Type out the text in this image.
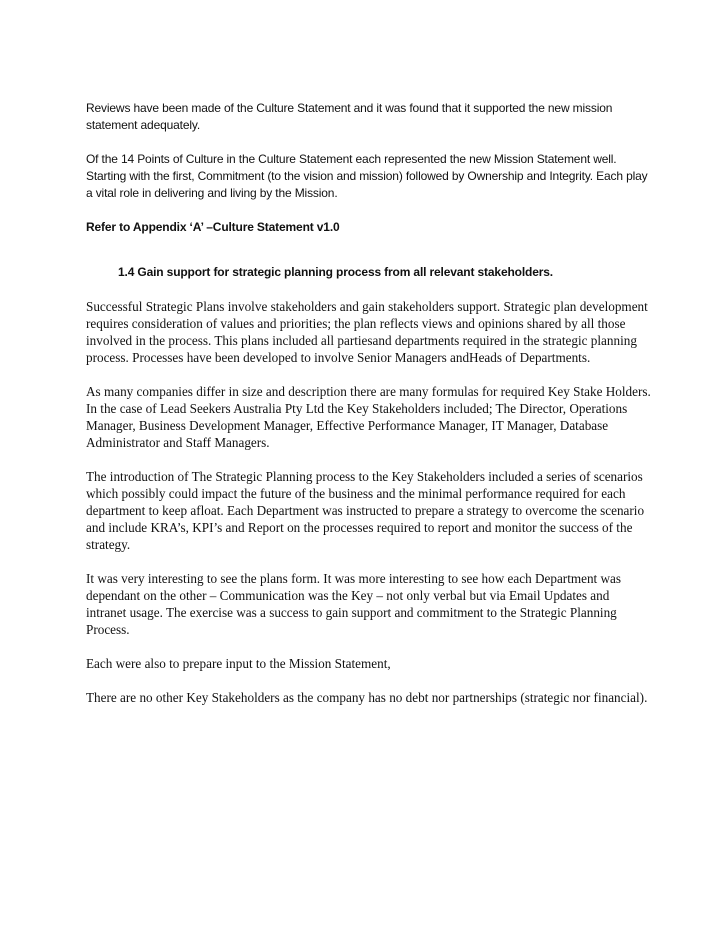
Reviews have been made of the Culture Statement and it was found that it supported the new mission statement adequately.

Of the 14 Points of Culture in the Culture Statement each represented the new Mission Statement well. Starting with the first, Commitment (to the vision and mission) followed by Ownership and Integrity. Each play a vital role in delivering and living by the Mission.

Refer to Appendix ‘A’ –Culture Statement v1.0

1.4 Gain support for strategic planning process from all relevant stakeholders.

Successful Strategic Plans involve stakeholders and gain stakeholders support. Strategic plan development requires consideration of values and priorities; the plan reflects views and opinions shared by all those involved in the process. This plans included all partiesand departments required in the strategic planning process. Processes have been developed to involve Senior Managers andHeads of Departments.

As many companies differ in size and description there are many formulas for required Key Stake Holders. In the case of Lead Seekers Australia Pty Ltd the Key Stakeholders included; The Director, Operations Manager, Business Development Manager, Effective Performance Manager, IT Manager, Database Administrator and Staff Managers.

The introduction of The Strategic Planning process to the Key Stakeholders included a series of scenarios which possibly could impact the future of the business and the minimal performance required for each department to keep afloat. Each Department was instructed to prepare a strategy to overcome the scenario and include KRA’s, KPI’s and Report on the processes required to report and monitor the success of the strategy.

It was very interesting to see the plans form. It was more interesting to see how each Department was dependant on the other – Communication was the Key – not only verbal but via Email Updates and intranet usage. The exercise was a success to gain support and commitment to the Strategic Planning Process.

Each were also to prepare input to the Mission Statement,

There are no other Key Stakeholders as the company has no debt nor partnerships (strategic nor financial).
